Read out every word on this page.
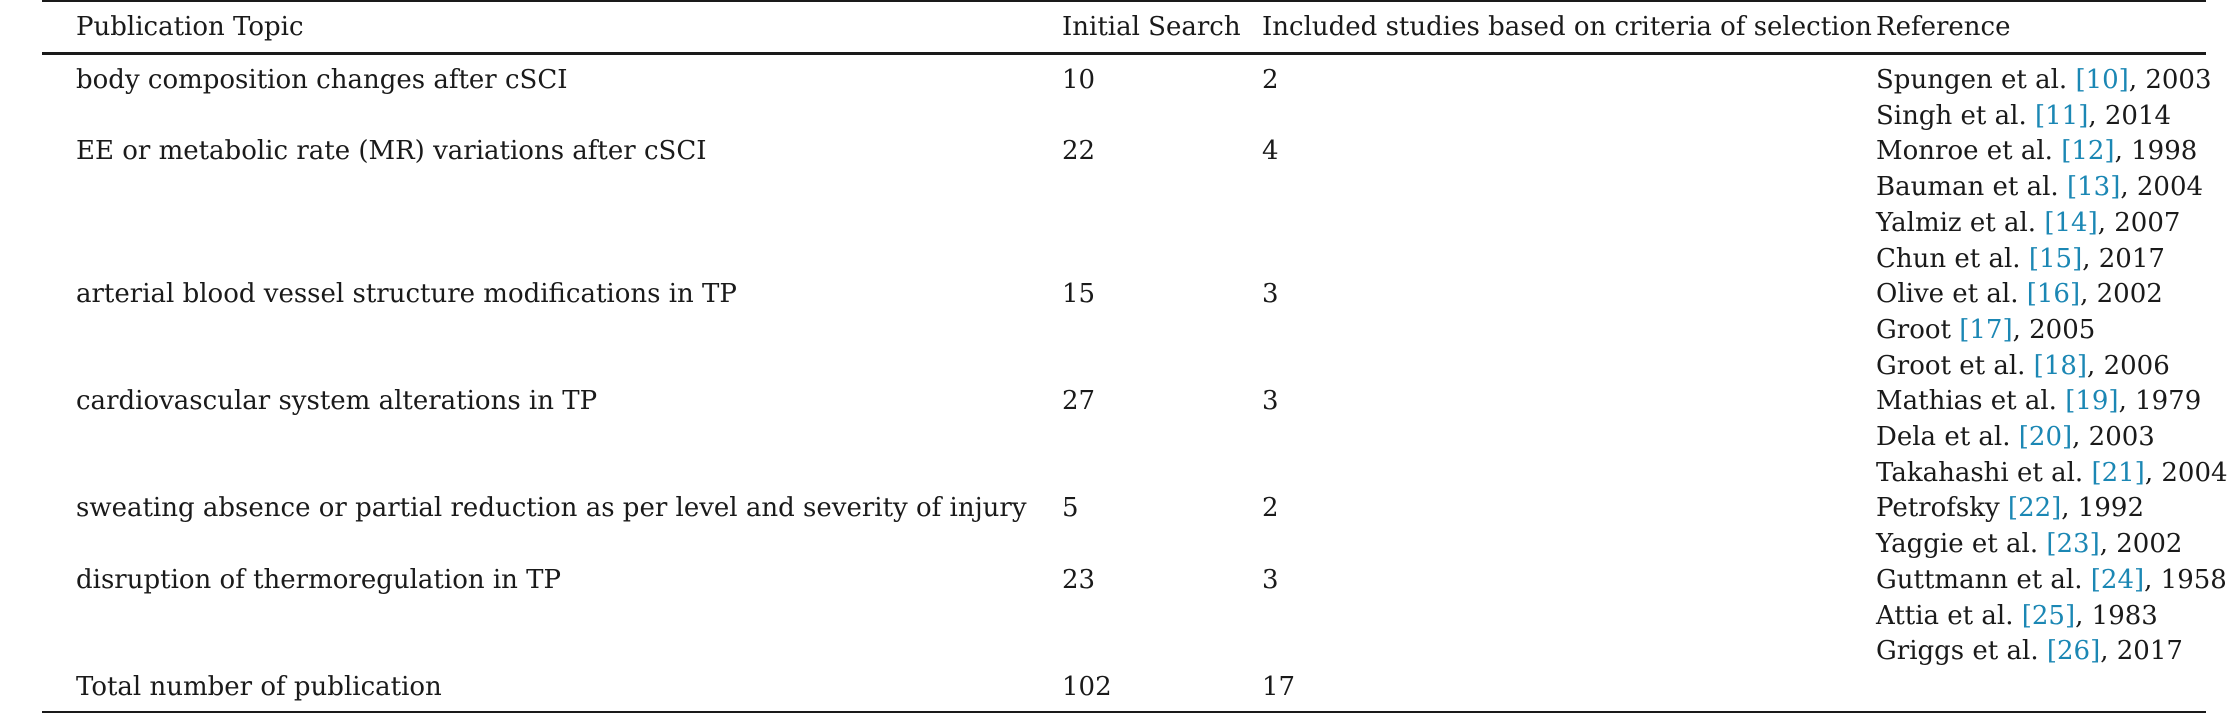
Publication Topic	Initial Search	Included studies based on criteria of selection	Reference
body composition changes after cSCI	10	2	Spungen et al. [10], 2003
Singh et al. [11], 2014

EE or metabolic rate (MR) variations after cSCI	22	4	Monroe et al. [12], 1998
Bauman et al. [13], 2004
Yalmiz et al. [14], 2007
Chun et al. [15], 2017

arterial blood vessel structure modifications in TP	15	3	Olive et al. [16], 2002
Groot [17], 2005
Groot et al. [18], 2006

cardiovascular system alterations in TP	27	3	Mathias et al. [19], 1979
Dela et al. [20], 2003
Takahashi et al. [21], 2004

sweating absence or partial reduction as per level and severity of injury	5	2	Petrofsky [22], 1992
Yaggie et al. [23], 2002

disruption of thermoregulation in TP	23	3	Guttmann et al. [24], 1958
Attia et al. [25], 1983
Griggs et al. [26], 2017

Total number of publication	102	17	
